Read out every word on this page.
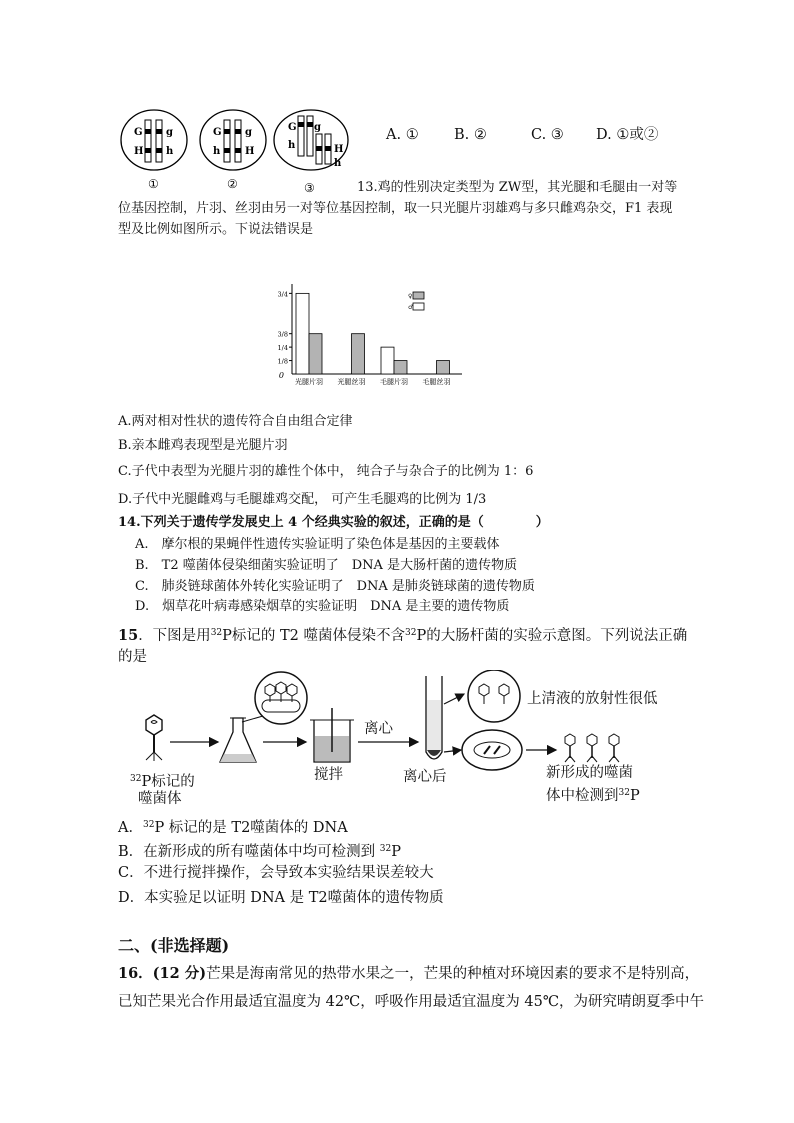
G
H
g
h
①
G
h
g
H
②
G
h
g
H
h
③
A. ① B. ②	C. ③ D. ①或②
13.鸡的性别决定类型为 ZW型，其光腿和毛腿由一对等
位基因控制，片羽、丝羽由另一对等位基因控制，取一只光腿片羽雄鸡与多只雌鸡杂交，F1 表现
型及比例如图所示。下说法错误是
3/4
3/8
1/4
1/8
0
光腿片羽 光腿丝羽 毛腿片羽 毛腿丝羽
♀
♂
A.两对相对性状的遗传符合自由组合定律
B.亲本雌鸡表现型是光腿片羽
C.子代中表型为光腿片羽的雄性个体中， 纯合子与杂合子的比例为 1：6
D.子代中光腿雌鸡与毛腿雄鸡交配， 可产生毛腿鸡的比例为 1/3
14.下列关于遗传学发展史上 4 个经典实验的叙述，正确的是（　　　　）
A.　摩尔根的果蝇伴性遗传实验证明了染色体是基因的主要载体
B.　T2 噬菌体侵染细菌实验证明了　DNA 是大肠杆菌的遗传物质
C.　肺炎链球菌体外转化实验证明了　DNA 是肺炎链球菌的遗传物质
D.　烟草花叶病毒感染烟草的实验证明　DNA 是主要的遗传物质
15．下图是用$^{32}$P标记的 T2 噬菌体侵染不含$^{32}$P的大肠杆菌的实验示意图。下列说法正确
的是
离心
上清液的放射性很低
$^{32}$P标记的
噬菌体
搅拌	离心后	新形成的噬菌
体中检测到$^{32}$P
A．$^{32}$P 标记的是 T2噬菌体的 DNA
B．在新形成的所有噬菌体中均可检测到 $^{32}$P
C．不进行搅拌操作，会导致本实验结果误差较大
D．本实验足以证明 DNA 是 T2噬菌体的遗传物质
二、(非选择题)
16．(12 分)芒果是海南常见的热带水果之一，芒果的种植对环境因素的要求不是特别高，
已知芒果光合作用最适宜温度为 42℃，呼吸作用最适宜温度为 45℃，为研究晴朗夏季中午
